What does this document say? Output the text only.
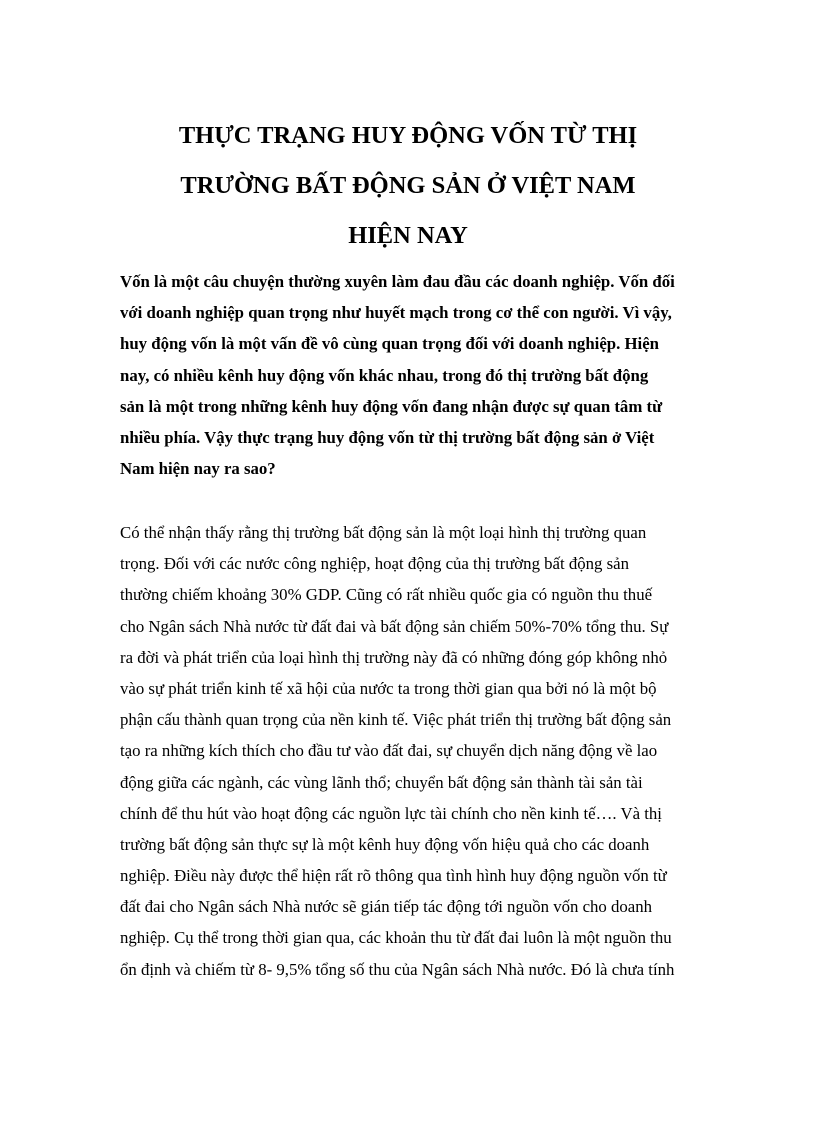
THỰC TRẠNG HUY ĐỘNG VỐN TỪ THỊ
TRƯỜNG BẤT ĐỘNG SẢN Ở VIỆT NAM
HIỆN NAY
Vốn là một câu chuyện thường xuyên làm đau đầu các doanh nghiệp. Vốn đối
với doanh nghiệp quan trọng như huyết mạch trong cơ thể con người. Vì vậy,
huy động vốn là một vấn đề vô cùng quan trọng đối với doanh nghiệp. Hiện
nay, có nhiều kênh huy động vốn khác nhau, trong đó thị trường bất động
sản là một trong những kênh huy động vốn đang nhận được sự quan tâm từ
nhiều phía. Vậy thực trạng huy động vốn từ thị trường bất động sản ở Việt
Nam hiện nay ra sao?
Có thể nhận thấy rằng thị trường bất động sản là một loại hình thị trường quan
trọng. Đối với các nước công nghiệp, hoạt động của thị trường bất động sản
thường chiếm khoảng 30% GDP. Cũng có rất nhiều quốc gia có nguồn thu thuế
cho Ngân sách Nhà nước từ đất đai và bất động sản chiếm 50%-70% tổng thu. Sự
ra đời và phát triển của loại hình thị trường này đã có những đóng góp không nhỏ
vào sự phát triển kinh tế xã hội của nước ta trong thời gian qua bởi nó là một bộ
phận cấu thành quan trọng của nền kinh tế. Việc phát triển thị trường bất động sản
tạo ra những kích thích cho đầu tư vào đất đai, sự chuyển dịch năng động về lao
động giữa các ngành, các vùng lãnh thổ; chuyển bất động sản thành tài sản tài
chính để thu hút vào hoạt động các nguồn lực tài chính cho nền kinh tế…. Và thị
trường bất động sản thực sự là một kênh huy động vốn hiệu quả cho các doanh
nghiệp. Điều này được thể hiện rất rõ thông qua tình hình huy động nguồn vốn từ
đất đai cho Ngân sách Nhà nước sẽ gián tiếp tác động tới nguồn vốn cho doanh
nghiệp. Cụ thể trong thời gian qua, các khoản thu từ đất đai luôn là một nguồn thu
ổn định và chiếm từ 8- 9,5% tổng số thu của Ngân sách Nhà nước. Đó là chưa tính
